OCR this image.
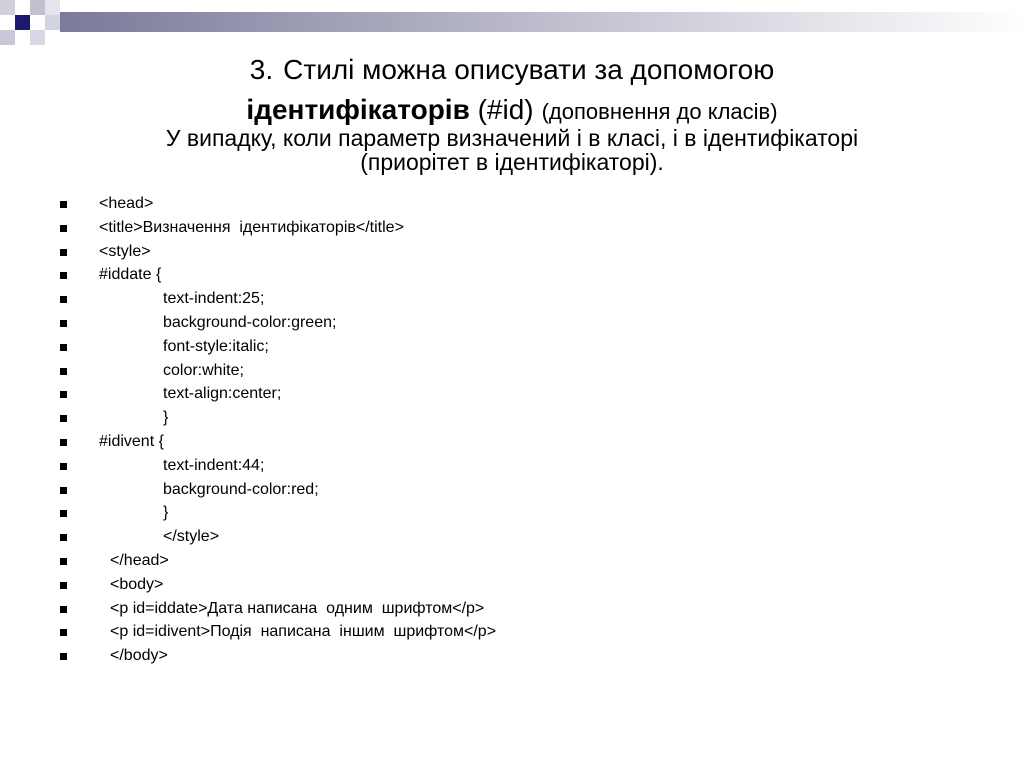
3. Стилі можна описувати за допомогою
ідентифікаторів (#id) (доповнення до класів)
У випадку, коли параметр визначений і в класі, і в ідентифікаторі
(приорітет в ідентифікаторі).
<head>
<title>Визначення  ідентифікаторів</title>
<style>
#iddate {
text-indent:25;
background-color:green;
font-style:italic;
color:white;
text-align:center;
}
#idivent {
text-indent:44;
background-color:red;
}
</style>
</head>
<body>
<p id=iddate>Дата написана  одним  шрифтом</p>
<p id=idivent>Подія  написана  іншим  шрифтом</p>
</body>
